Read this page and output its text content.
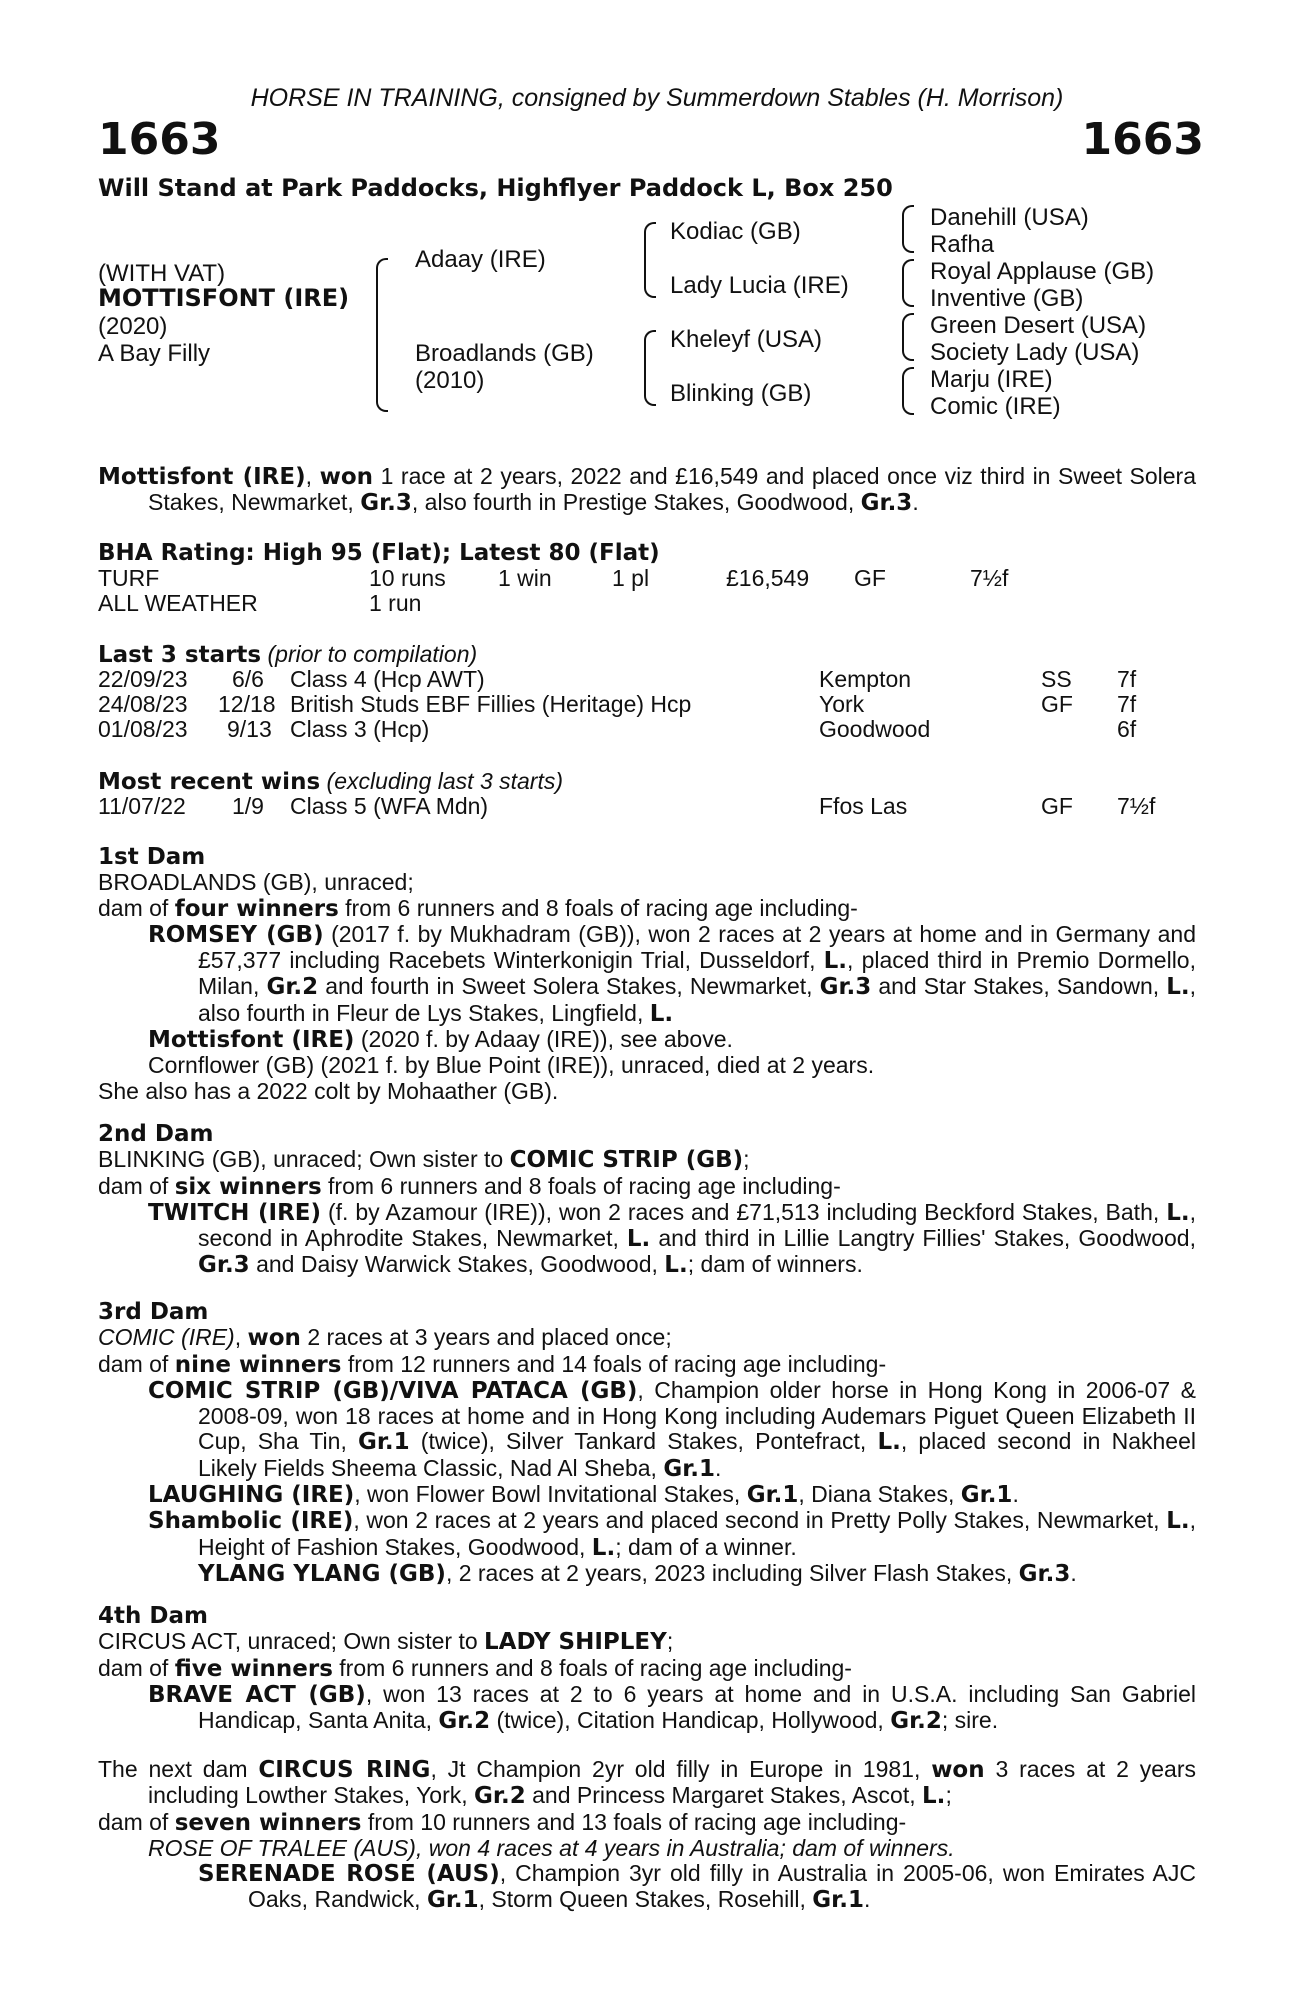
HORSE IN TRAINING, consigned by Summerdown Stables (H. Morrison)
1663	1663
Will Stand at Park Paddocks, Highflyer Paddock L, Box 250
(WITH VAT)
MOTTISFONT (IRE)
(2020)
A Bay Filly
Adaay (IRE)
Broadlands (GB)
(2010)
Kodiac (GB)
Lady Lucia (IRE)
Kheleyf (USA)
Blinking (GB)
Danehill (USA)
Rafha
Royal Applause (GB)
Inventive (GB)
Green Desert (USA)
Society Lady (USA)
Marju (IRE)
Comic (IRE)

Mottisfont (IRE), won 1 race at 2 years, 2022 and £16,549 and placed once viz third in Sweet Solera Stakes, Newmarket, Gr.3, also fourth in Prestige Stakes, Goodwood, Gr.3.

BHA Rating: High 95 (Flat); Latest 80 (Flat)

TURF	10 runs 1 win	1 pl	£16,549 GF	7½f
ALL WEATHER	1 run

Last 3 starts (prior to compilation)

22/09/23 6/6 Class 4 (Hcp AWT)	Kempton	SS 7f
24/08/23 12/18 British Studs EBF Fillies (Heritage) Hcp	York	GF 7f
01/08/23 9/13 Class 3 (Hcp)	Goodwood	6f

Most recent wins (excluding last 3 starts)

11/07/22 1/9 Class 5 (WFA Mdn)	Ffos Las	GF 7½f

1st Dam

BROADLANDS (GB), unraced;

dam of four winners from 6 runners and 8 foals of racing age including-

ROMSEY (GB) (2017 f. by Mukhadram (GB)), won 2 races at 2 years at home and in Germany and £57,377 including Racebets Winterkonigin Trial, Dusseldorf, L., placed third in Premio Dormello, Milan, Gr.2 and fourth in Sweet Solera Stakes, Newmarket, Gr.3 and Star Stakes, Sandown, L., also fourth in Fleur de Lys Stakes, Lingfield, L.

Mottisfont (IRE) (2020 f. by Adaay (IRE)), see above.

Cornflower (GB) (2021 f. by Blue Point (IRE)), unraced, died at 2 years.

She also has a 2022 colt by Mohaather (GB).

2nd Dam

BLINKING (GB), unraced; Own sister to COMIC STRIP (GB);

dam of six winners from 6 runners and 8 foals of racing age including-

TWITCH (IRE) (f. by Azamour (IRE)), won 2 races and £71,513 including Beckford Stakes, Bath, L., second in Aphrodite Stakes, Newmarket, L. and third in Lillie Langtry Fillies' Stakes, Goodwood, Gr.3 and Daisy Warwick Stakes, Goodwood, L.; dam of winners.

3rd Dam

COMIC (IRE), won 2 races at 3 years and placed once;

dam of nine winners from 12 runners and 14 foals of racing age including-

COMIC STRIP (GB)/VIVA PATACA (GB), Champion older horse in Hong Kong in 2006-07 & 2008-09, won 18 races at home and in Hong Kong including Audemars Piguet Queen Elizabeth II Cup, Sha Tin, Gr.1 (twice), Silver Tankard Stakes, Pontefract, L., placed second in Nakheel Likely Fields Sheema Classic, Nad Al Sheba, Gr.1.

LAUGHING (IRE), won Flower Bowl Invitational Stakes, Gr.1, Diana Stakes, Gr.1.

Shambolic (IRE), won 2 races at 2 years and placed second in Pretty Polly Stakes, Newmarket, L., Height of Fashion Stakes, Goodwood, L.; dam of a winner.

YLANG YLANG (GB), 2 races at 2 years, 2023 including Silver Flash Stakes, Gr.3.

4th Dam

CIRCUS ACT, unraced; Own sister to LADY SHIPLEY;

dam of five winners from 6 runners and 8 foals of racing age including-

BRAVE ACT (GB), won 13 races at 2 to 6 years at home and in U.S.A. including San Gabriel Handicap, Santa Anita, Gr.2 (twice), Citation Handicap, Hollywood, Gr.2; sire.

The next dam CIRCUS RING, Jt Champion 2yr old filly in Europe in 1981, won 3 races at 2 years including Lowther Stakes, York, Gr.2 and Princess Margaret Stakes, Ascot, L.;

dam of seven winners from 10 runners and 13 foals of racing age including-

ROSE OF TRALEE (AUS), won 4 races at 4 years in Australia; dam of winners.

SERENADE ROSE (AUS), Champion 3yr old filly in Australia in 2005-06, won Emirates AJC Oaks, Randwick, Gr.1, Storm Queen Stakes, Rosehill, Gr.1.
